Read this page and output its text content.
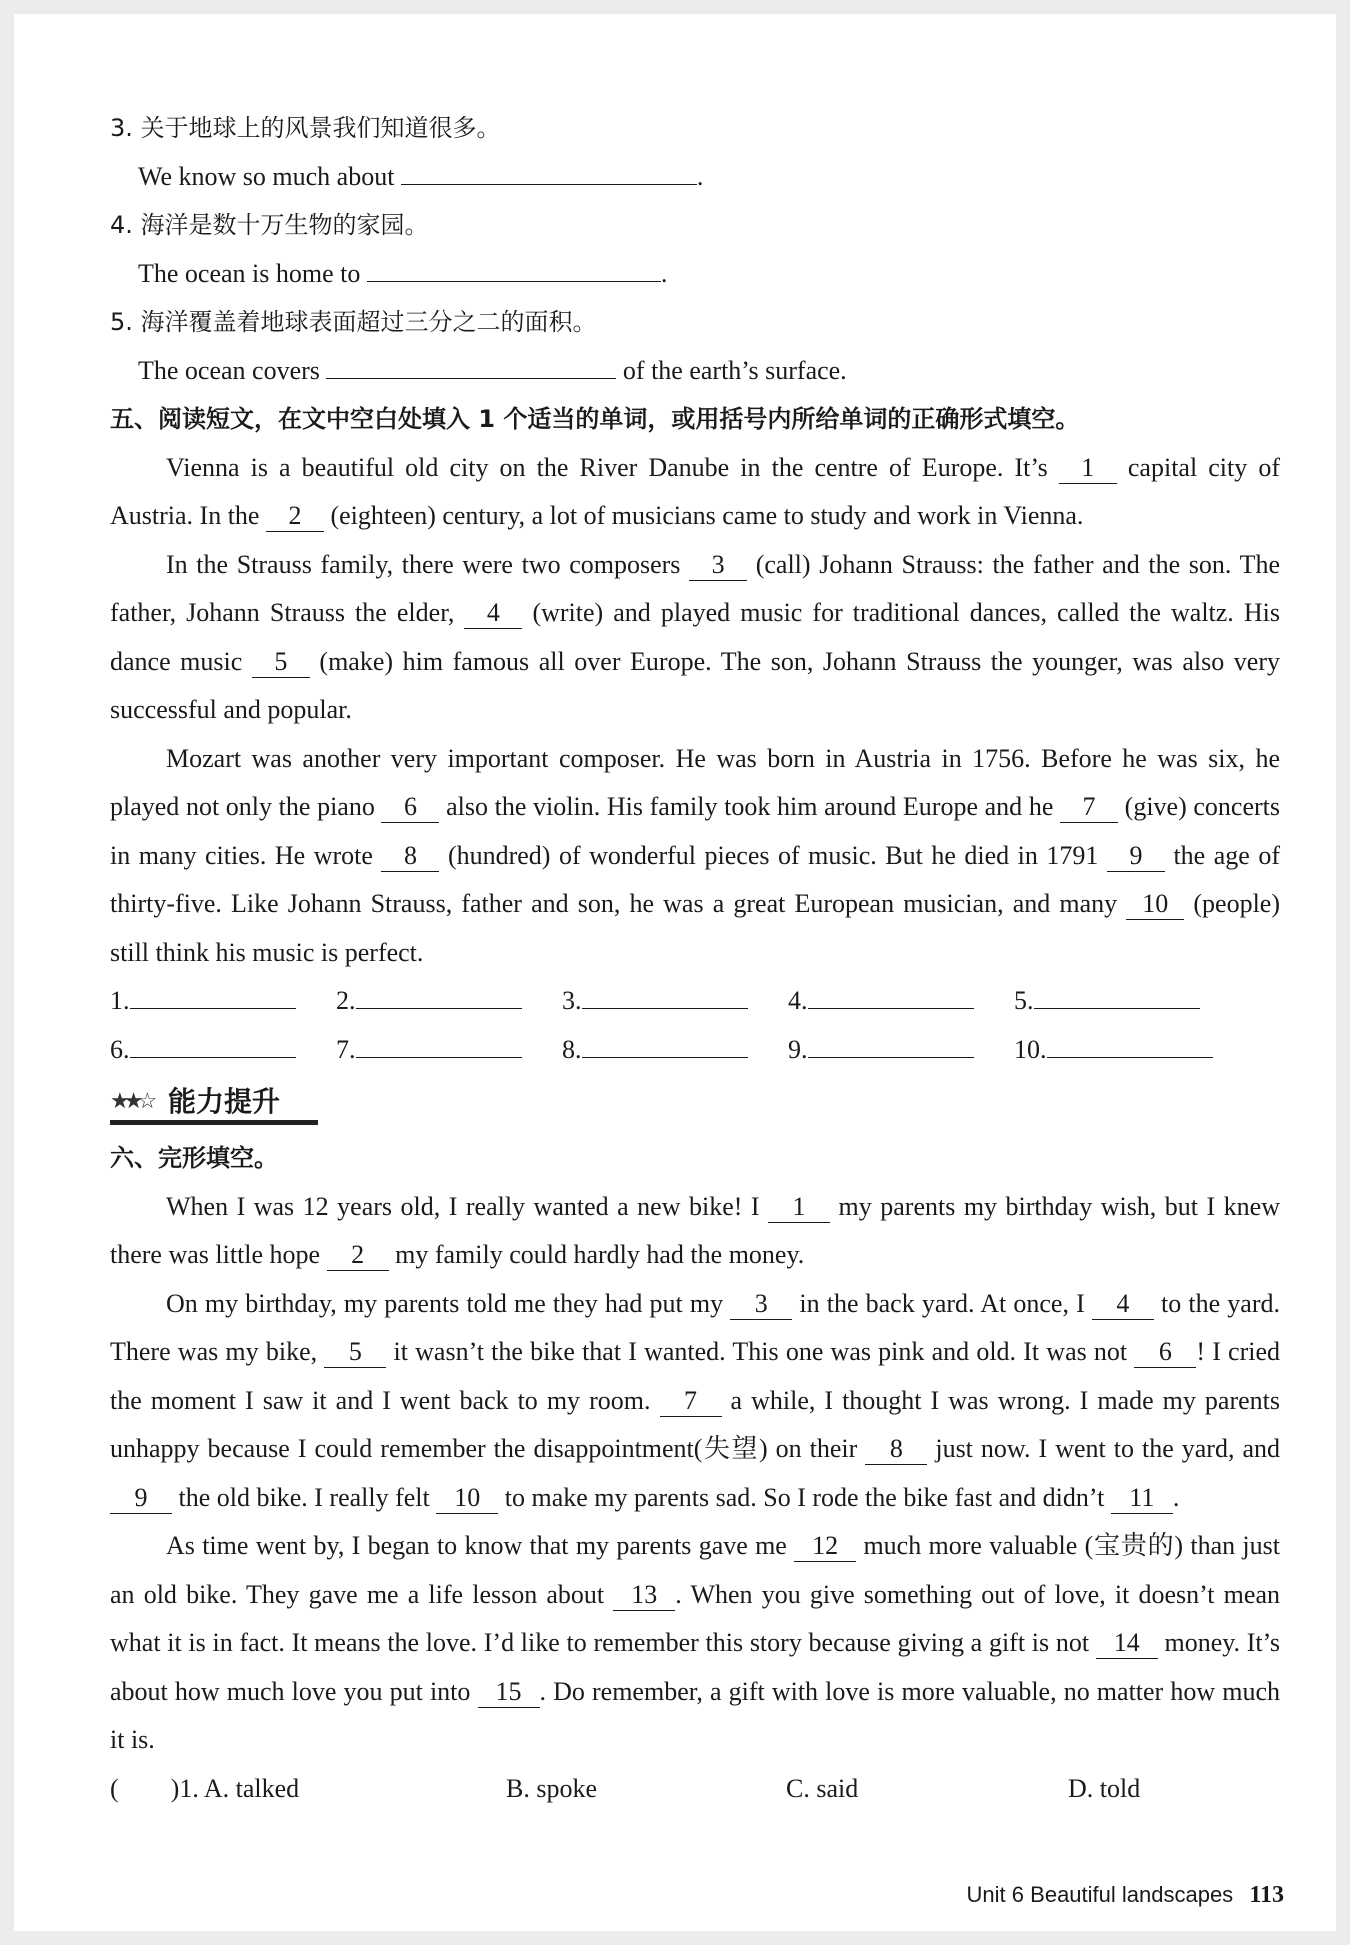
3. 关于地球上的风景我们知道很多。
We know so much about	.
4. 海洋是数十万生物的家园。
The ocean is home to	.
5. 海洋覆盖着地球表面超过三分之二的面积。
The ocean covers	of the earth’s surface.
五、阅读短文，在文中空白处填入 1 个适当的单词，或用括号内所给单词的正确形式填空。
Vienna is a beautiful old city on the River Danube in the centre of Europe. It’s 1 capital city of Austria. In the 2 (eighteen) century, a lot of musicians came to study and work in Vienna.
In the Strauss family, there were two composers 3 (call) Johann Strauss: the father and the son. The father, Johann Strauss the elder, 4 (write) and played music for traditional dances, called the waltz. His dance music 5 (make) him famous all over Europe. The son, Johann Strauss the younger, was also very successful and popular.
Mozart was another very important composer. He was born in Austria in 1756. Before he was six, he played not only the piano 6 also the violin. His family took him around Europe and he 7 (give) concerts in many cities. He wrote 8 (hundred) of wonderful pieces of music. But he died in 1791 9 the age of thirty-five. Like Johann Strauss, father and son, he was a great European musician, and many 10 (people) still think his music is perfect.
1.	2.	3.	4.	5.
6.	7.	8.	9.	10.
★★☆ 能力提升
六、完形填空。
When I was 12 years old, I really wanted a new bike! I 1 my parents my birthday wish, but I knew there was little hope 2 my family could hardly had the money.
On my birthday, my parents told me they had put my 3 in the back yard. At once, I 4 to the yard. There was my bike, 5 it wasn’t the bike that I wanted. This one was pink and old. It was not 6 ! I cried the moment I saw it and I went back to my room. 7 a while, I thought I was wrong. I made my parents unhappy because I could remember the disappointment(失望) on their 8 just now. I went to the yard, and 9 the old bike. I really felt 10 to make my parents sad. So I rode the bike fast and didn’t 11 .
As time went by, I began to know that my parents gave me 12 much more valuable (宝贵的) than just an old bike. They gave me a life lesson about 13 . When you give something out of love, it doesn’t mean what it is in fact. It means the love. I’d like to remember this story because giving a gift is not 14 money. It’s about how much love you put into 15 . Do remember, a gift with love is more valuable, no matter how much it is.
(　　)1. A. talked	B. spoke	C. said	D. told
Unit 6 Beautiful landscapes 113
